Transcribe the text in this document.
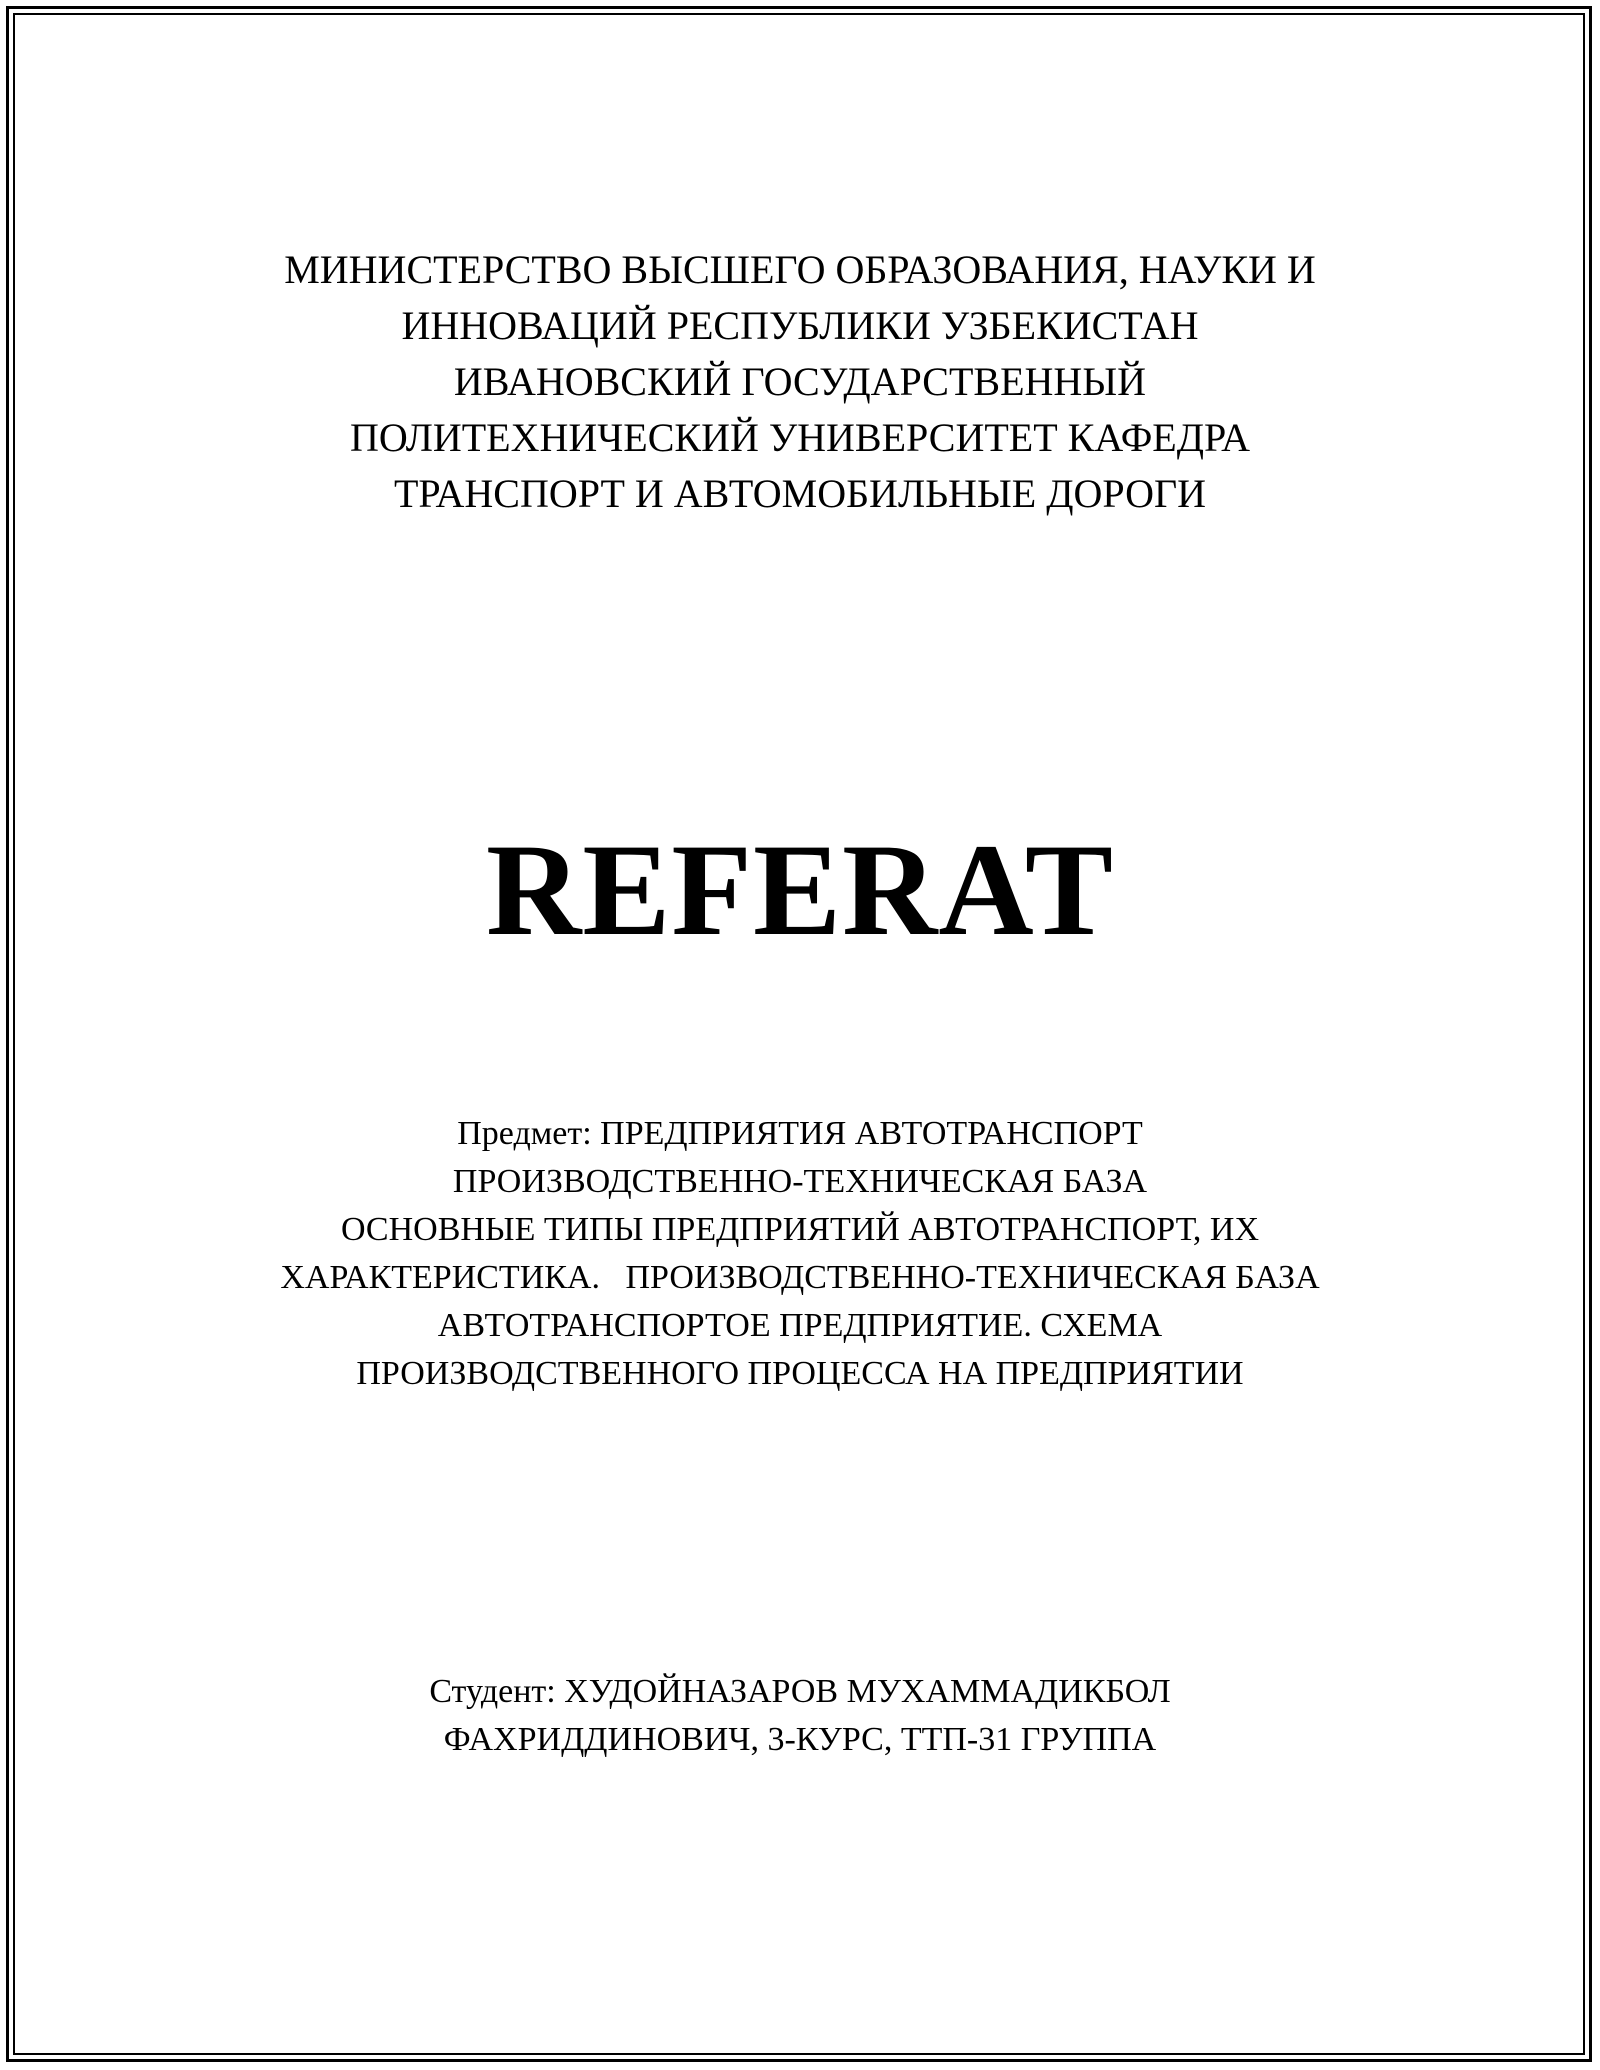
МИНИСТЕРСТВО ВЫСШЕГО ОБРАЗОВАНИЯ, НАУКИ И
ИННОВАЦИЙ РЕСПУБЛИКИ УЗБЕКИСТАН
ИВАНОВСКИЙ ГОСУДАРСТВЕННЫЙ
ПОЛИТЕХНИЧЕСКИЙ УНИВЕРСИТЕТ КАФЕДРА
ТРАНСПОРТ И АВТОМОБИЛЬНЫЕ ДОРОГИ
REFERAT
Предмет: ПРЕДПРИЯТИЯ АВТОТРАНСПОРТ
ПРОИЗВОДСТВЕННО-ТЕХНИЧЕСКАЯ БАЗА
ОСНОВНЫЕ ТИПЫ ПРЕДПРИЯТИЙ АВТОТРАНСПОРТ, ИХ
ХАРАКТЕРИСТИКА.   ПРОИЗВОДСТВЕННО-ТЕХНИЧЕСКАЯ БАЗА
АВТОТРАНСПОРТОЕ ПРЕДПРИЯТИЕ. СХЕМА
ПРОИЗВОДСТВЕННОГО ПРОЦЕССА НА ПРЕДПРИЯТИИ
Студент: ХУДОЙНАЗАРОВ МУХАММАДИКБОЛ
ФАХРИДДИНОВИЧ, 3-КУРС, ТТП-31 ГРУППА
